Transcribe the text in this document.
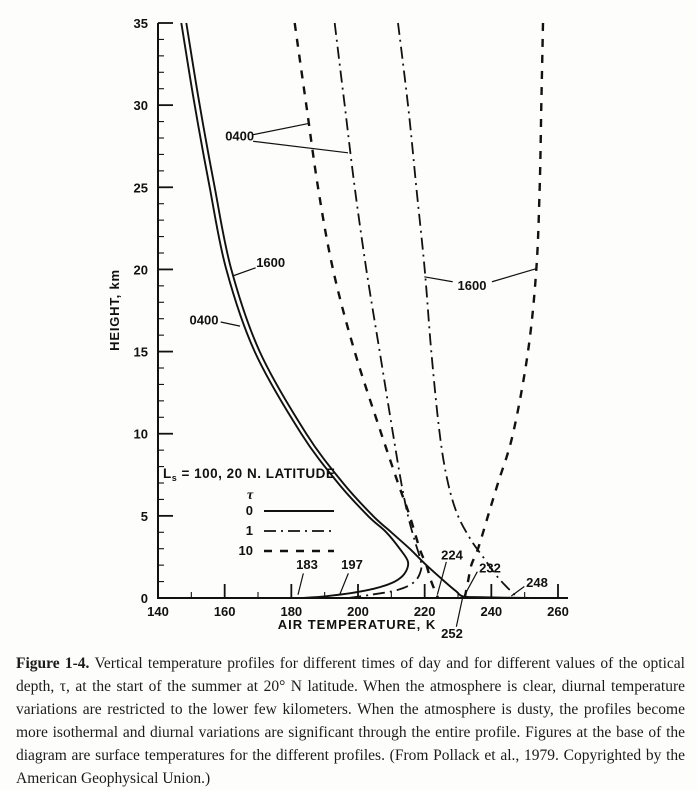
0
5
10
15
20
25
30
35
140	160	180	200	220	240	260
HEIGHT, km
AIR TEMPERATURE, K
$L_s = 100$, 20 N. LATITUDE
τ
0
1
10
0400
1600
0400
1600
183 197
224
232
248
252
Figure 1-4. Vertical temperature profiles for different times of day and for different values of the optical depth, τ, at the start of the summer at 20° N latitude. When the atmosphere is clear, diurnal temperature variations are restricted to the lower few kilometers. When the atmosphere is dusty, the profiles become more isothermal and diurnal variations are significant through the entire profile. Figures at the base of the diagram are surface temperatures for the different profiles. (From Pollack et al., 1979. Copyrighted by the American Geophysical Union.)
